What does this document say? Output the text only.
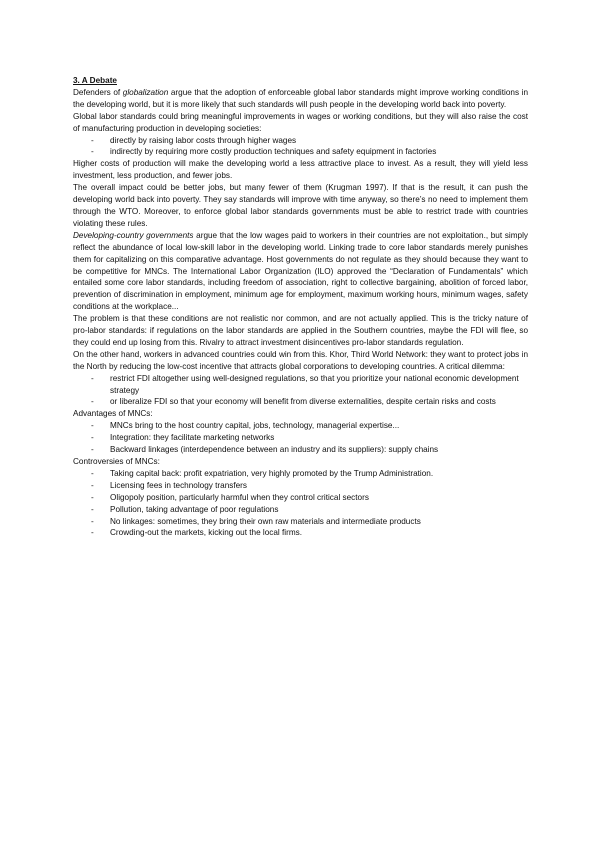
3. A Debate

Defenders of globalization argue that the adoption of enforceable global labor standards might improve working conditions in the developing world, but it is more likely that such standards will push people in the developing world back into poverty.

Global labor standards could bring meaningful improvements in wages or working conditions, but they will also raise the cost of manufacturing production in developing societies:

- directly by raising labor costs through higher wages
- indirectly by requiring more costly production techniques and safety equipment in factories

Higher costs of production will make the developing world a less attractive place to invest. As a result, they will yield less investment, less production, and fewer jobs.

The overall impact could be better jobs, but many fewer of them (Krugman 1997). If that is the result, it can push the developing world back into poverty. They say standards will improve with time anyway, so there’s no need to implement them through the WTO. Moreover, to enforce global labor standards governments must be able to restrict trade with countries violating these rules.

Developing-country governments argue that the low wages paid to workers in their countries are not exploitation., but simply reflect the abundance of local low-skill labor in the developing world. Linking trade to core labor standards merely punishes them for capitalizing on this comparative advantage. Host governments do not regulate as they should because they want to be competitive for MNCs. The International Labor Organization (ILO) approved the “Declaration of Fundamentals” which entailed some core labor standards, including freedom of association, right to collective bargaining, abolition of forced labor, prevention of discrimination in employment, minimum age for employment, maximum working hours, minimum wages, safety conditions at the workplace...

The problem is that these conditions are not realistic nor common, and are not actually applied. This is the tricky nature of pro-labor standards: if regulations on the labor standards are applied in the Southern countries, maybe the FDI will flee, so they could end up losing from this. Rivalry to attract investment disincentives pro-labor standards regulation.

On the other hand, workers in advanced countries could win from this. Khor, Third World Network: they want to protect jobs in the North by reducing the low-cost incentive that attracts global corporations to developing countries. A critical dilemma:

- restrict FDI altogether using well-designed regulations, so that you prioritize your national economic development strategy
- or liberalize FDI so that your economy will benefit from diverse externalities, despite certain risks and costs

Advantages of MNCs:

- MNCs bring to the host country capital, jobs, technology, managerial expertise...
- Integration: they facilitate marketing networks
- Backward linkages (interdependence between an industry and its suppliers): supply chains

Controversies of MNCs:

- Taking capital back: profit expatriation, very highly promoted by the Trump Administration.
- Licensing fees in technology transfers
- Oligopoly position, particularly harmful when they control critical sectors
- Pollution, taking advantage of poor regulations
- No linkages: sometimes, they bring their own raw materials and intermediate products
- Crowding-out the markets, kicking out the local firms.
